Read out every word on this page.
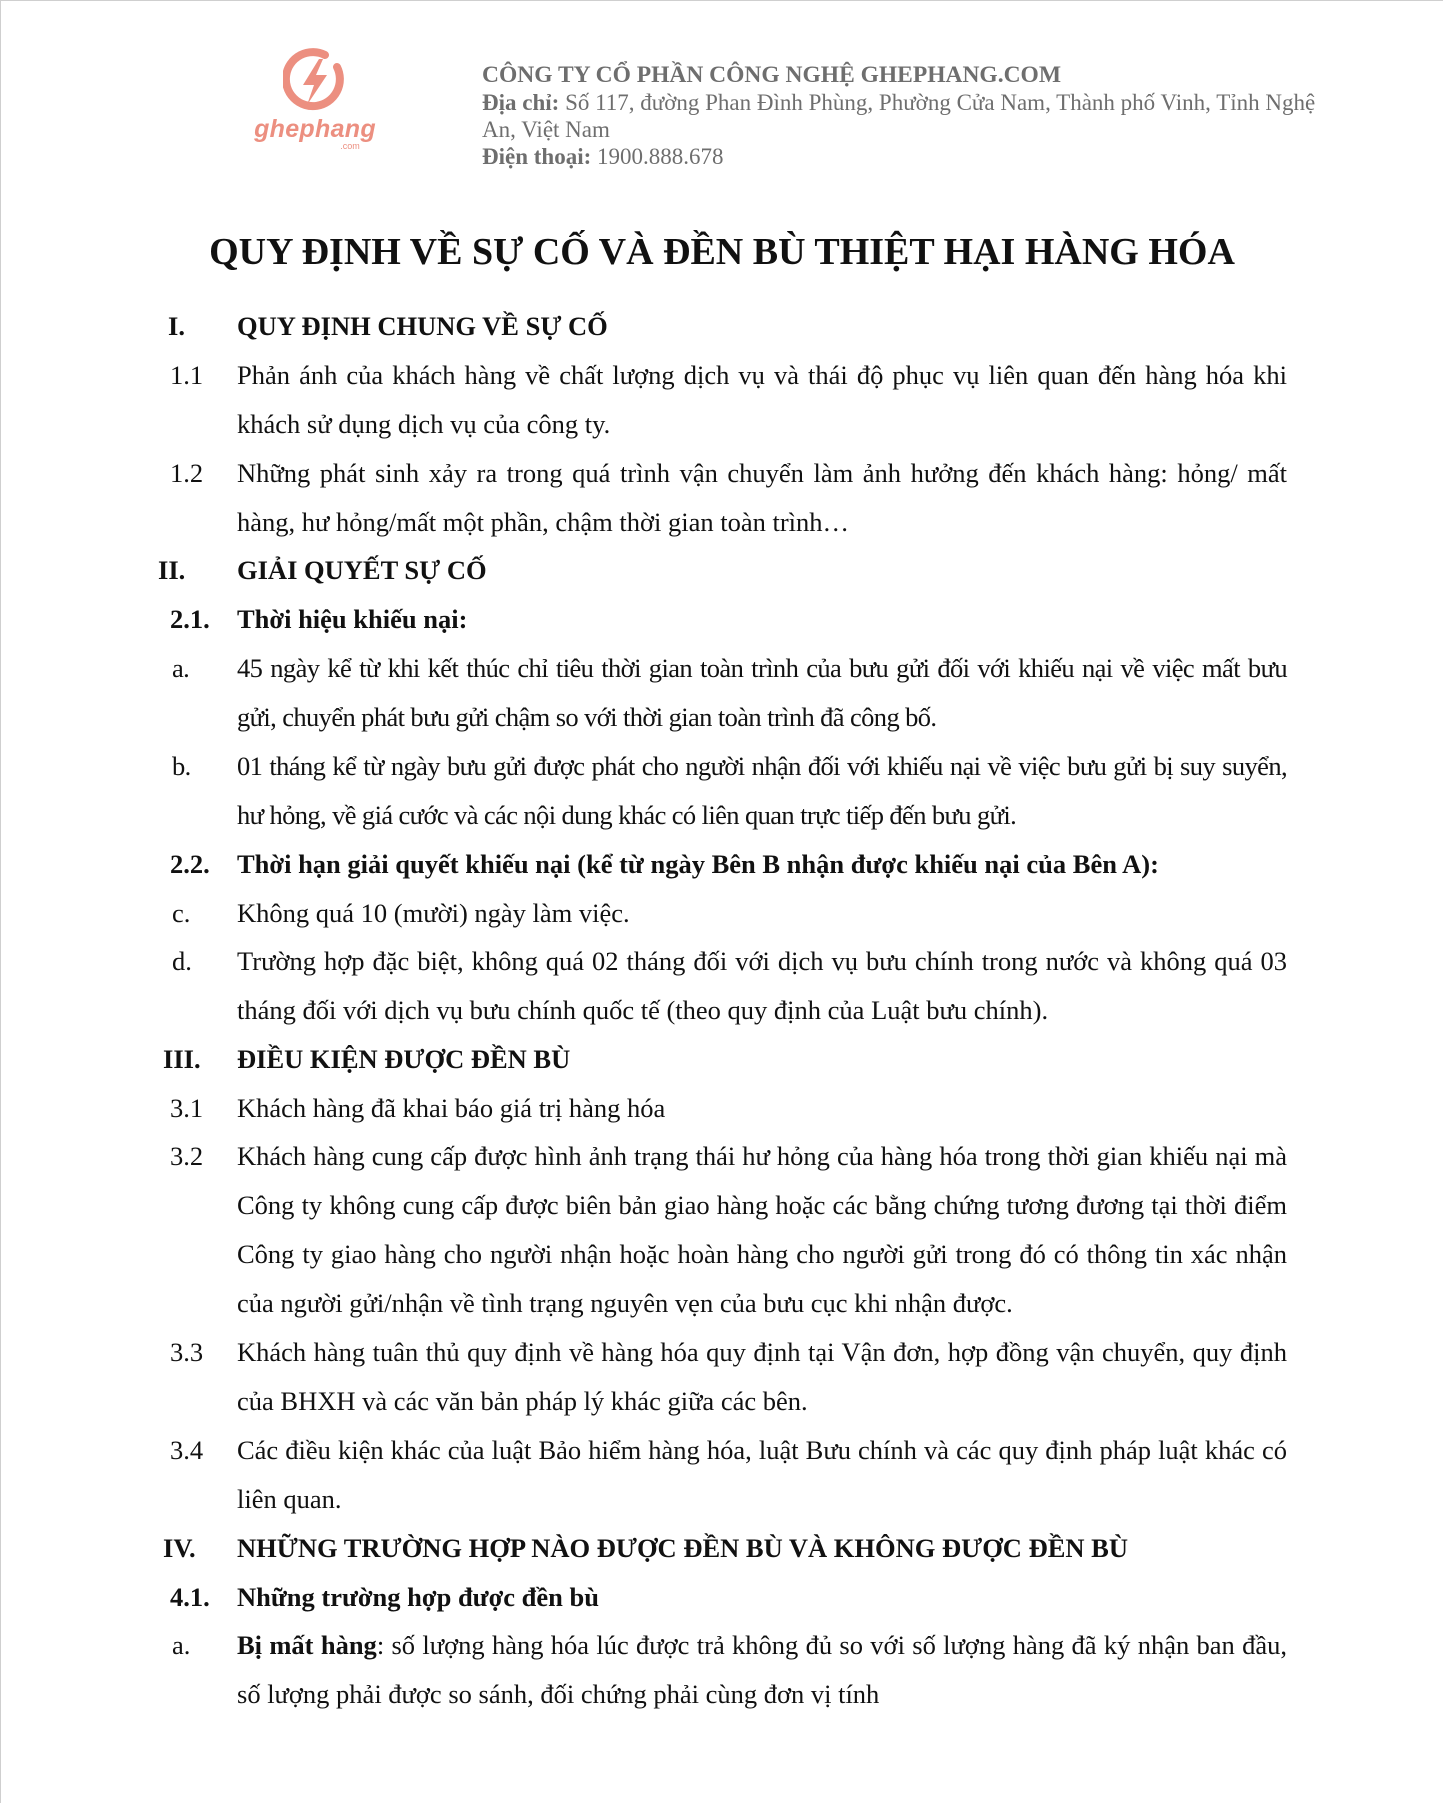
ghephang
.com
CÔNG TY CỔ PHẦN CÔNG NGHỆ GHEPHANG.COM
Địa chỉ: Số 117, đường Phan Đình Phùng, Phường Cửa Nam, Thành phố Vinh, Tỉnh Nghệ An, Việt Nam
Điện thoại: 1900.888.678
QUY ĐỊNH VỀ SỰ CỐ VÀ ĐỀN BÙ THIỆT HẠI HÀNG HÓA
I. QUY ĐỊNH CHUNG VỀ SỰ CỐ
1.1 Phản ánh của khách hàng về chất lượng dịch vụ và thái độ phục vụ liên quan đến hàng hóa khi khách sử dụng dịch vụ của công ty.
1.2 Những phát sinh xảy ra trong quá trình vận chuyển làm ảnh hưởng đến khách hàng: hỏng/ mất hàng, hư hỏng/mất một phần, chậm thời gian toàn trình…
II. GIẢI QUYẾT SỰ CỐ
2.1. Thời hiệu khiếu nại:
a. 45 ngày kể từ khi kết thúc chỉ tiêu thời gian toàn trình của bưu gửi đối với khiếu nại về việc mất bưu gửi, chuyển phát bưu gửi chậm so với thời gian toàn trình đã công bố.
b. 01 tháng kể từ ngày bưu gửi được phát cho người nhận đối với khiếu nại về việc bưu gửi bị suy suyển, hư hỏng, về giá cước và các nội dung khác có liên quan trực tiếp đến bưu gửi.
2.2. Thời hạn giải quyết khiếu nại (kể từ ngày Bên B nhận được khiếu nại của Bên A):
c. Không quá 10 (mười) ngày làm việc.
d. Trường hợp đặc biệt, không quá 02 tháng đối với dịch vụ bưu chính trong nước và không quá 03 tháng đối với dịch vụ bưu chính quốc tế (theo quy định của Luật bưu chính).
III. ĐIỀU KIỆN ĐƯỢC ĐỀN BÙ
3.1 Khách hàng đã khai báo giá trị hàng hóa
3.2 Khách hàng cung cấp được hình ảnh trạng thái hư hỏng của hàng hóa trong thời gian khiếu nại mà Công ty không cung cấp được biên bản giao hàng hoặc các bằng chứng tương đương tại thời điểm Công ty giao hàng cho người nhận hoặc hoàn hàng cho người gửi trong đó có thông tin xác nhận của người gửi/nhận về tình trạng nguyên vẹn của bưu cục khi nhận được.
3.3 Khách hàng tuân thủ quy định về hàng hóa quy định tại Vận đơn, hợp đồng vận chuyển, quy định của BHXH và các văn bản pháp lý khác giữa các bên.
3.4 Các điều kiện khác của luật Bảo hiểm hàng hóa, luật Bưu chính và các quy định pháp luật khác có liên quan.
IV. NHỮNG TRƯỜNG HỢP NÀO ĐƯỢC ĐỀN BÙ VÀ KHÔNG ĐƯỢC ĐỀN BÙ
4.1. Những trường hợp được đền bù
a. Bị mất hàng: số lượng hàng hóa lúc được trả không đủ so với số lượng hàng đã ký nhận ban đầu, số lượng phải được so sánh, đối chứng phải cùng đơn vị tính
